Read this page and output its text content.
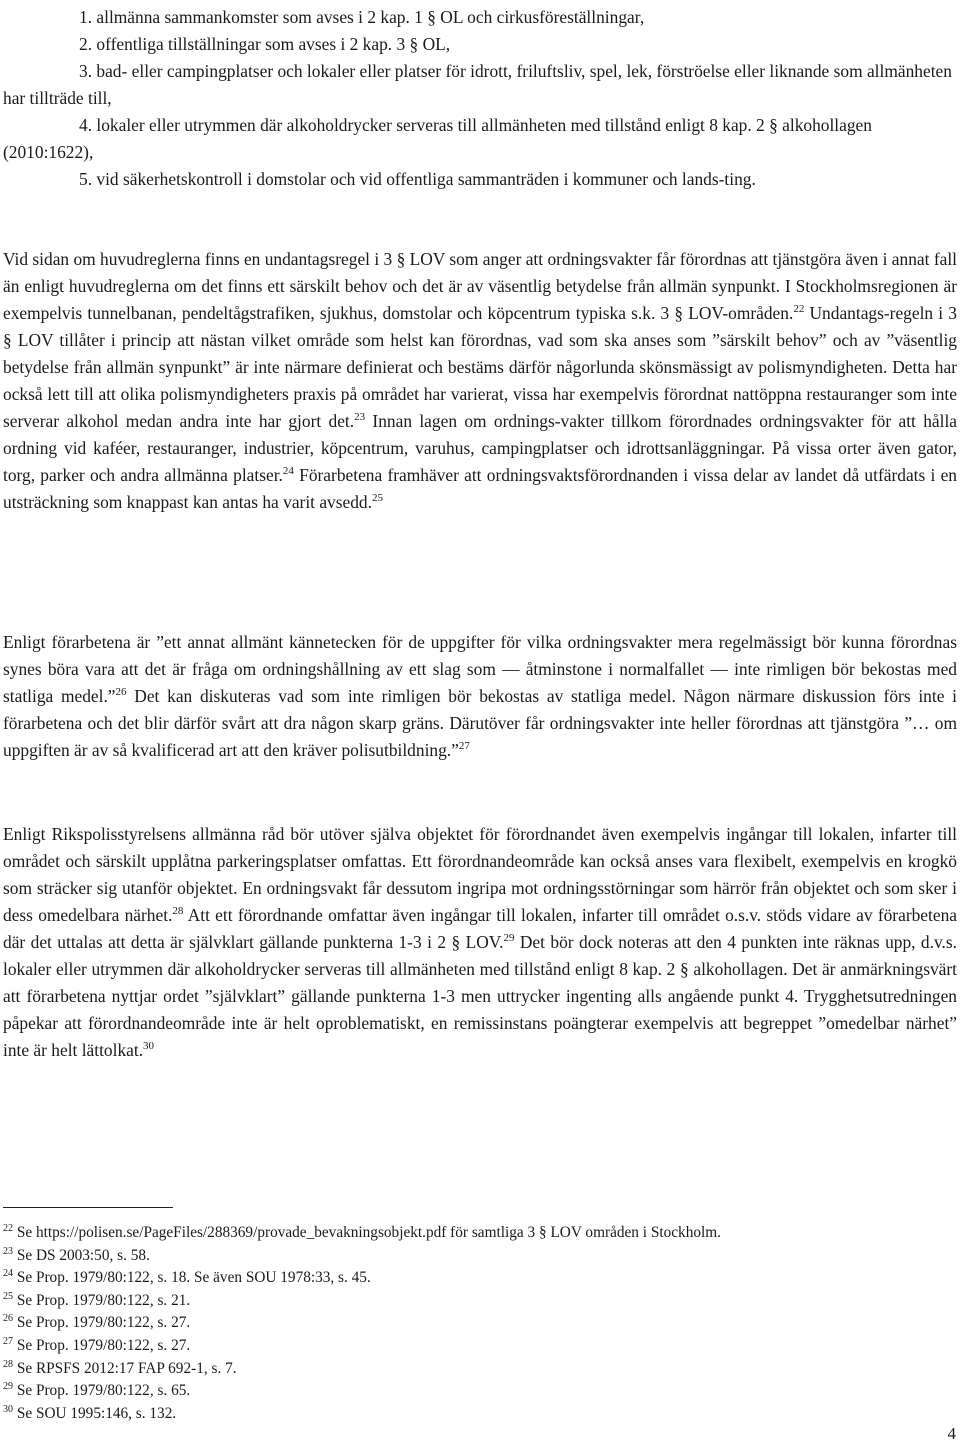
1. allmänna sammankomster som avses i 2 kap. 1 § OL och cirkusföreställningar,

2. offentliga tillställningar som avses i 2 kap. 3 § OL,

3. bad- eller campingplatser och lokaler eller platser för idrott, friluftsliv, spel, lek, förströelse eller liknande som allmänheten har tillträde till,

4. lokaler eller utrymmen där alkoholdrycker serveras till allmänheten med tillstånd enligt 8 kap. 2 § alkohollagen (2010:1622),

5. vid säkerhetskontroll i domstolar och vid offentliga sammanträden i kommuner och lands-ting.

Vid sidan om huvudreglerna finns en undantagsregel i 3 § LOV som anger att ordningsvakter får förordnas att tjänstgöra även i annat fall än enligt huvudreglerna om det finns ett särskilt behov och det är av väsentlig betydelse från allmän synpunkt. I Stockholmsregionen är exempelvis tunnelbanan, pendeltågstrafiken, sjukhus, domstolar och köpcentrum typiska s.k. 3 § LOV-områden.$^{22}$ Undantags-regeln i 3 § LOV tillåter i princip att nästan vilket område som helst kan förordnas, vad som ska anses som ”särskilt behov” och av ”väsentlig betydelse från allmän synpunkt” är inte närmare definierat och bestäms därför någorlunda skönsmässigt av polismyndigheten. Detta har också lett till att olika polismyndigheters praxis på området har varierat, vissa har exempelvis förordnat nattöppna restauranger som inte serverar alkohol medan andra inte har gjort det.$^{23}$ Innan lagen om ordnings-vakter tillkom förordnades ordningsvakter för att hålla ordning vid kaféer, restauranger, industrier, köpcentrum, varuhus, campingplatser och idrottsanläggningar. På vissa orter även gator, torg, parker och andra allmänna platser.$^{24}$ Förarbetena framhäver att ordningsvaktsförordnanden i vissa delar av landet då utfärdats i en utsträckning som knappast kan antas ha varit avsedd.$^{25}$

Enligt förarbetena är ”ett annat allmänt kännetecken för de uppgifter för vilka ordningsvakter mera regelmässigt bör kunna förordnas synes böra vara att det är fråga om ordningshållning av ett slag som — åtminstone i normalfallet — inte rimligen bör bekostas med statliga medel.”$^{26}$ Det kan diskuteras vad som inte rimligen bör bekostas av statliga medel. Någon närmare diskussion förs inte i förarbetena och det blir därför svårt att dra någon skarp gräns. Därutöver får ordningsvakter inte heller förordnas att tjänstgöra ”… om uppgiften är av så kvalificerad art att den kräver polisutbildning.”$^{27}$

Enligt Rikspolisstyrelsens allmänna råd bör utöver själva objektet för förordnandet även exempelvis ingångar till lokalen, infarter till området och särskilt upplåtna parkeringsplatser omfattas. Ett förordnandeområde kan också anses vara flexibelt, exempelvis en krogkö som sträcker sig utanför objektet. En ordningsvakt får dessutom ingripa mot ordningsstörningar som härrör från objektet och som sker i dess omedelbara närhet.$^{28}$ Att ett förordnande omfattar även ingångar till lokalen, infarter till området o.s.v. stöds vidare av förarbetena där det uttalas att detta är självklart gällande punkterna 1-3 i 2 § LOV.$^{29}$ Det bör dock noteras att den 4 punkten inte räknas upp, d.v.s. lokaler eller utrymmen där alkoholdrycker serveras till allmänheten med tillstånd enligt 8 kap. 2 § alkohollagen. Det är anmärkningsvärt att förarbetena nyttjar ordet ”självklart” gällande punkterna 1-3 men uttrycker ingenting alls angående punkt 4. Trygghetsutredningen påpekar att förordnandeområde inte är helt oproblematiskt, en remissinstans poängterar exempelvis att begreppet ”omedelbar närhet” inte är helt lättolkat.$^{30}$

$^{22}$ Se https://polisen.se/PageFiles/288369/provade_bevakningsobjekt.pdf för samtliga 3 § LOV områden i Stockholm.

$^{23}$ Se DS 2003:50, s. 58.

$^{24}$ Se Prop. 1979/80:122, s. 18. Se även SOU 1978:33, s. 45.

$^{25}$ Se Prop. 1979/80:122, s. 21.

$^{26}$ Se Prop. 1979/80:122, s. 27.

$^{27}$ Se Prop. 1979/80:122, s. 27.

$^{28}$ Se RPSFS 2012:17 FAP 692-1, s. 7.

$^{29}$ Se Prop. 1979/80:122, s. 65.

$^{30}$ Se SOU 1995:146, s. 132.

4
